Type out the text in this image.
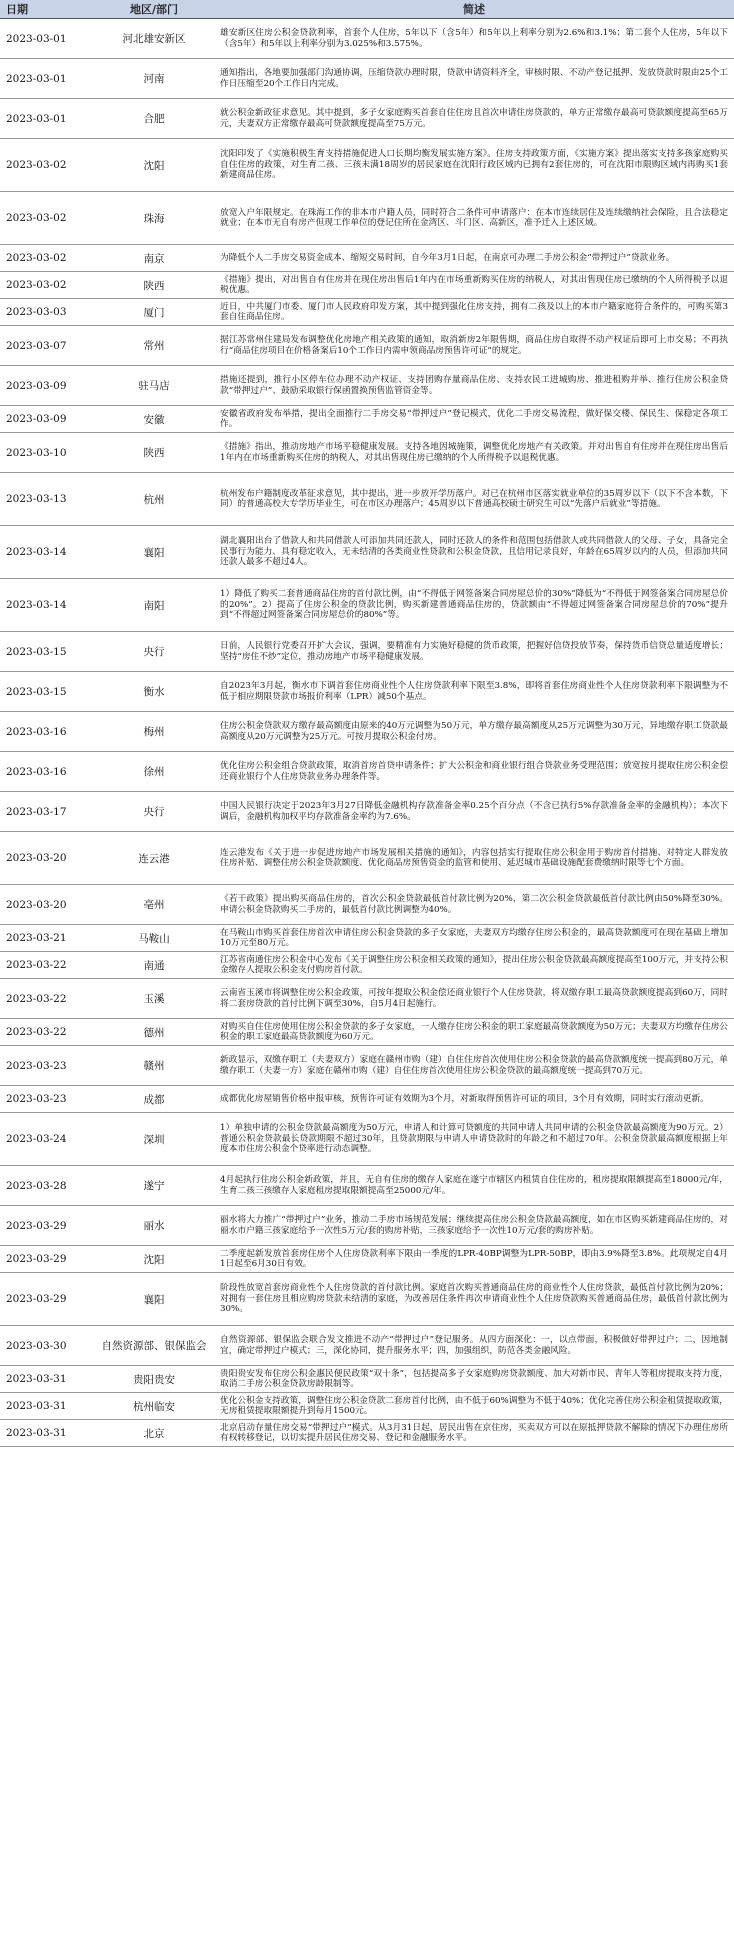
日期	地区/部门	简述
2023-03-01	河北雄安新区	雄安新区住房公积金贷款利率，首套个人住房，5年以下（含5年）和5年以上利率分别为2.6%和3.1%；第二套个人住房，5年以下（含5年）和5年以上利率分别为3.025%和3.575%。
2023-03-01	河南	通知指出，各地要加强部门沟通协调，压缩贷款办理时限，贷款申请资料齐全，审核时限、不动产登记抵押、发放贷款时限由25个工作日压缩至20个工作日内完成。
2023-03-01	合肥	就公积金新政征求意见。其中提到，多子女家庭购买首套自住住房且首次申请住房贷款的，单方正常缴存最高可贷款额度提高至65万元，夫妻双方正常缴存最高可贷款额度提高至75万元。
2023-03-02	沈阳	沈阳印发了《实施积极生育支持措施促进人口长期均衡发展实施方案》。住房支持政策方面，《实施方案》提出落实支持多孩家庭购买自住住房的政策，对生育二孩、三孩未满18周岁的居民家庭在沈阳行政区域内已拥有2套住房的，可在沈阳市限购区域内再购买1套新建商品住房。
2023-03-02	珠海	放宽入户年限规定。在珠海工作的非本市户籍人员，同时符合二条件可申请落户：在本市连续居住及连续缴纳社会保险，且合法稳定就业；在本市无自有房产但现工作单位的登记住所在金湾区、斗门区、高新区，准予迁入上述区域。
2023-03-02	南京	为降低个人二手房交易资金成本、缩短交易时间，自今年3月1日起，在南京可办理二手房公积金“带押过户”贷款业务。
2023-03-02	陕西	《措施》提出，对出售自有住房并在现住房出售后1年内在市场重新购买住房的纳税人，对其出售现住房已缴纳的个人所得税予以退税优惠。
2023-03-03	厦门	近日，中共厦门市委、厦门市人民政府印发方案，其中提到强化住房支持，拥有二孩及以上的本市户籍家庭符合条件的，可购买第3套自住商品住房。
2023-03-07	常州	据江苏常州住建局发布调整优化房地产相关政策的通知，取消新房2年限售期，商品住房自取得不动产权证后即可上市交易；不再执行“商品住房项目在价格备案后10个工作日内需申领商品房预售许可证”的规定。
2023-03-09	驻马店	措施还提到，推行小区停车位办理不动产权证、支持团购存量商品住房、支持农民工进城购房、推进租购并举、推行住房公积金贷款“带押过户”、鼓励采取银行保函置换预售监管资金等。
2023-03-09	安徽	安徽省政府发布举措，提出全面推行二手房交易“带押过户”登记模式，优化二手房交易流程，做好保交楼、保民生、保稳定各项工作。
2023-03-10	陕西	《措施》指出，推动房地产市场平稳健康发展。支持各地因城施策，调整优化房地产有关政策。并对出售自有住房并在现住房出售后1年内在市场重新购买住房的纳税人，对其出售现住房已缴纳的个人所得税予以退税优惠。
2023-03-13	杭州	杭州发布户籍制度改革征求意见，其中提出，进一步放开学历落户。对已在杭州市区落实就业单位的35周岁以下（以下不含本数，下同）的普通高校大专学历毕业生，可在市区办理落户；45周岁以下普通高校硕士研究生可以“先落户后就业”等措施。
2023-03-14	襄阳	湖北襄阳出台了借款人和共同借款人可添加共同还款人，同时还款人的条件和范围包括借款人或共同借款人的父母、子女，具备完全民事行为能力、具有稳定收入，无未结清的各类商业性贷款和公积金贷款，且信用记录良好，年龄在65周岁以内的人员，但添加共同还款人最多不超过4人。
2023-03-14	南阳	1）降低了购买二套普通商品住房的首付款比例，由“不得低于网签备案合同房屋总价的30%”降低为“不得低于网签备案合同房屋总价的20%”。2）提高了住房公积金的贷款比例，购买新建普通商品住房的，贷款额由“不得超过网签备案合同房屋总价的70%”提升到“不得超过网签备案合同房屋总价的80%”等。
2023-03-15	央行	日前，人民银行党委召开扩大会议，强调，要精准有力实施好稳健的货币政策，把握好信贷投放节奏，保持货币信贷总量适度增长；坚持“房住不炒”定位，推动房地产市场平稳健康发展。
2023-03-15	衡水	自2023年3月起，衡水市下调首套住房商业性个人住房贷款利率下限至3.8%，即将首套住房商业性个人住房贷款利率下限调整为不低于相应期限贷款市场报价利率（LPR）减50个基点。
2023-03-16	梅州	住房公积金贷款双方缴存最高额度由原来的40万元调整为50万元，单方缴存最高额度从25万元调整为30万元，异地缴存职工贷款最高额度从20万元调整为25万元。可按月提取公积金付房。
2023-03-16	徐州	优化住房公积金组合贷款政策，取消首房首贷申请条件；扩大公积金和商业银行组合贷款业务受理范围；放宽按月提取住房公积金偿还商业银行个人住房贷款业务办理条件等。
2023-03-17	央行	中国人民银行决定于2023年3月27日降低金融机构存款准备金率0.25个百分点（不含已执行5%存款准备金率的金融机构）；本次下调后，金融机构加权平均存款准备金率约为7.6%。
2023-03-20	连云港	连云港发布《关于进一步促进房地产市场发展相关措施的通知》，内容包括实行提取住房公积金用于购房首付措施、对特定人群发放住房补贴、调整住房公积金贷款额度、优化商品房预售资金的监管和使用、延迟城市基础设施配套费缴纳时限等七个方面。
2023-03-20	亳州	《若干政策》提出购买商品住房的，首次公积金贷款最低首付款比例为20%，第二次公积金贷款最低首付款比例由50%降至30%。申请公积金贷款购买二手房的，最低首付款比例调整为40%。
2023-03-21	马鞍山	在马鞍山市购买首套住房首次申请住房公积金贷款的多子女家庭，夫妻双方均缴存住房公积金的，最高贷款额度可在现在基础上增加10万元至80万元。
2023-03-22	南通	江苏省南通住房公积金中心发布《关于调整住房公积金相关政策的通知》，提出住房公积金贷款最高额度提高至100万元，并支持公积金缴存人提取公积金支付购房首付款。
2023-03-22	玉溪	云南省玉溪市将调整住房公积金政策，可按年提取公积金偿还商业银行个人住房贷款，将双缴存职工最高贷款额度提高到60万，同时将二套房贷款的首付比例下调至30%，自5月4日起施行。
2023-03-22	德州	对购买自住住房使用住房公积金贷款的多子女家庭，一人缴存住房公积金的职工家庭最高贷款额度为50万元；夫妻双方均缴存住房公积金的职工家庭最高贷款额度为60万元。
2023-03-23	赣州	新政显示，双缴存职工（夫妻双方）家庭在赣州市购（建）自住住房首次使用住房公积金贷款的最高贷款额度统一提高到80万元，单缴存职工（夫妻一方）家庭在赣州市购（建）自住住房首次使用住房公积金贷款的最高额度统一提高到70万元。
2023-03-23	成都	成都优化房屋销售价格申报审核，预售许可证有效期为3个月，对新取得预售许可证的项目，3个月有效期，同时实行滚动更新。
2023-03-24	深圳	1）单独申请的公积金贷款最高额度为50万元，申请人和计算可贷额度的共同申请人共同申请的公积金贷款最高额度为90万元。2）普通公积金贷款最长贷款期限不超过30年，且贷款期限与申请人申请贷款时的年龄之和不超过70年。公积金贷款最高额度根据上年度本市住房公积金个贷率进行动态调整。
2023-03-28	遂宁	4月起执行住房公积金新政策，并且，无自有住房的缴存人家庭在遂宁市辖区内租赁自住住房的，租房提取限额提高至18000元/年，生育二孩三孩缴存人家庭租房提取限额提高至25000元/年。
2023-03-29	丽水	丽水将大力推广“带押过户”业务，推动二手房市场规范发展；继续提高住房公积金贷款最高额度，如在市区购买新建商品住房的，对丽水市户籍三孩家庭给予一次性5万元/套的购房补贴，三孩家庭给予一次性10万元/套的购房补贴。
2023-03-29	沈阳	二季度起新发放首套房住房个人住房贷款利率下限由一季度的LPR-40BP调整为LPR-50BP，即由3.9%降至3.8%。此项规定自4月1日起至6月30日有效。
2023-03-29	襄阳	阶段性放宽首套房商业性个人住房贷款的首付款比例。家庭首次购买普通商品住房的商业性个人住房贷款，最低首付款比例为20%；对拥有一套住房且相应购房贷款未结清的家庭，为改善居住条件再次申请商业性个人住房贷款购买普通商品住房，最低首付款比例为30%。
2023-03-30	自然资源部、银保监会	自然资源部、银保监会联合发文推进不动产“带押过户”登记服务。从四方面深化：一，以点带面，积极做好带押过户；二，因地制宜，确定带押过户模式；三，深化协同，提升服务水平；四，加强组织，防范各类金融风险。
2023-03-31	贵阳贵安	贵阳贵安发布住房公积金惠民便民政策“双十条”，包括提高多子女家庭购房贷款额度、加大对新市民、青年人等租房提取支持力度，取消二手房公积金贷款房龄限制等。
2023-03-31	杭州临安	优化公积金支持政策，调整住房公积金贷款二套房首付比例，由不低于60%调整为不低于40%；优化完善住房公积金租赁提取政策，无房租赁提取限额提升到每月1500元。
2023-03-31	北京	北京启动存量住房交易“带押过户”模式。从3月31日起，居民出售在京住房，买卖双方可以在原抵押贷款不解除的情况下办理住房所有权转移登记，以切实提升居民住房交易、登记和金融服务水平。
